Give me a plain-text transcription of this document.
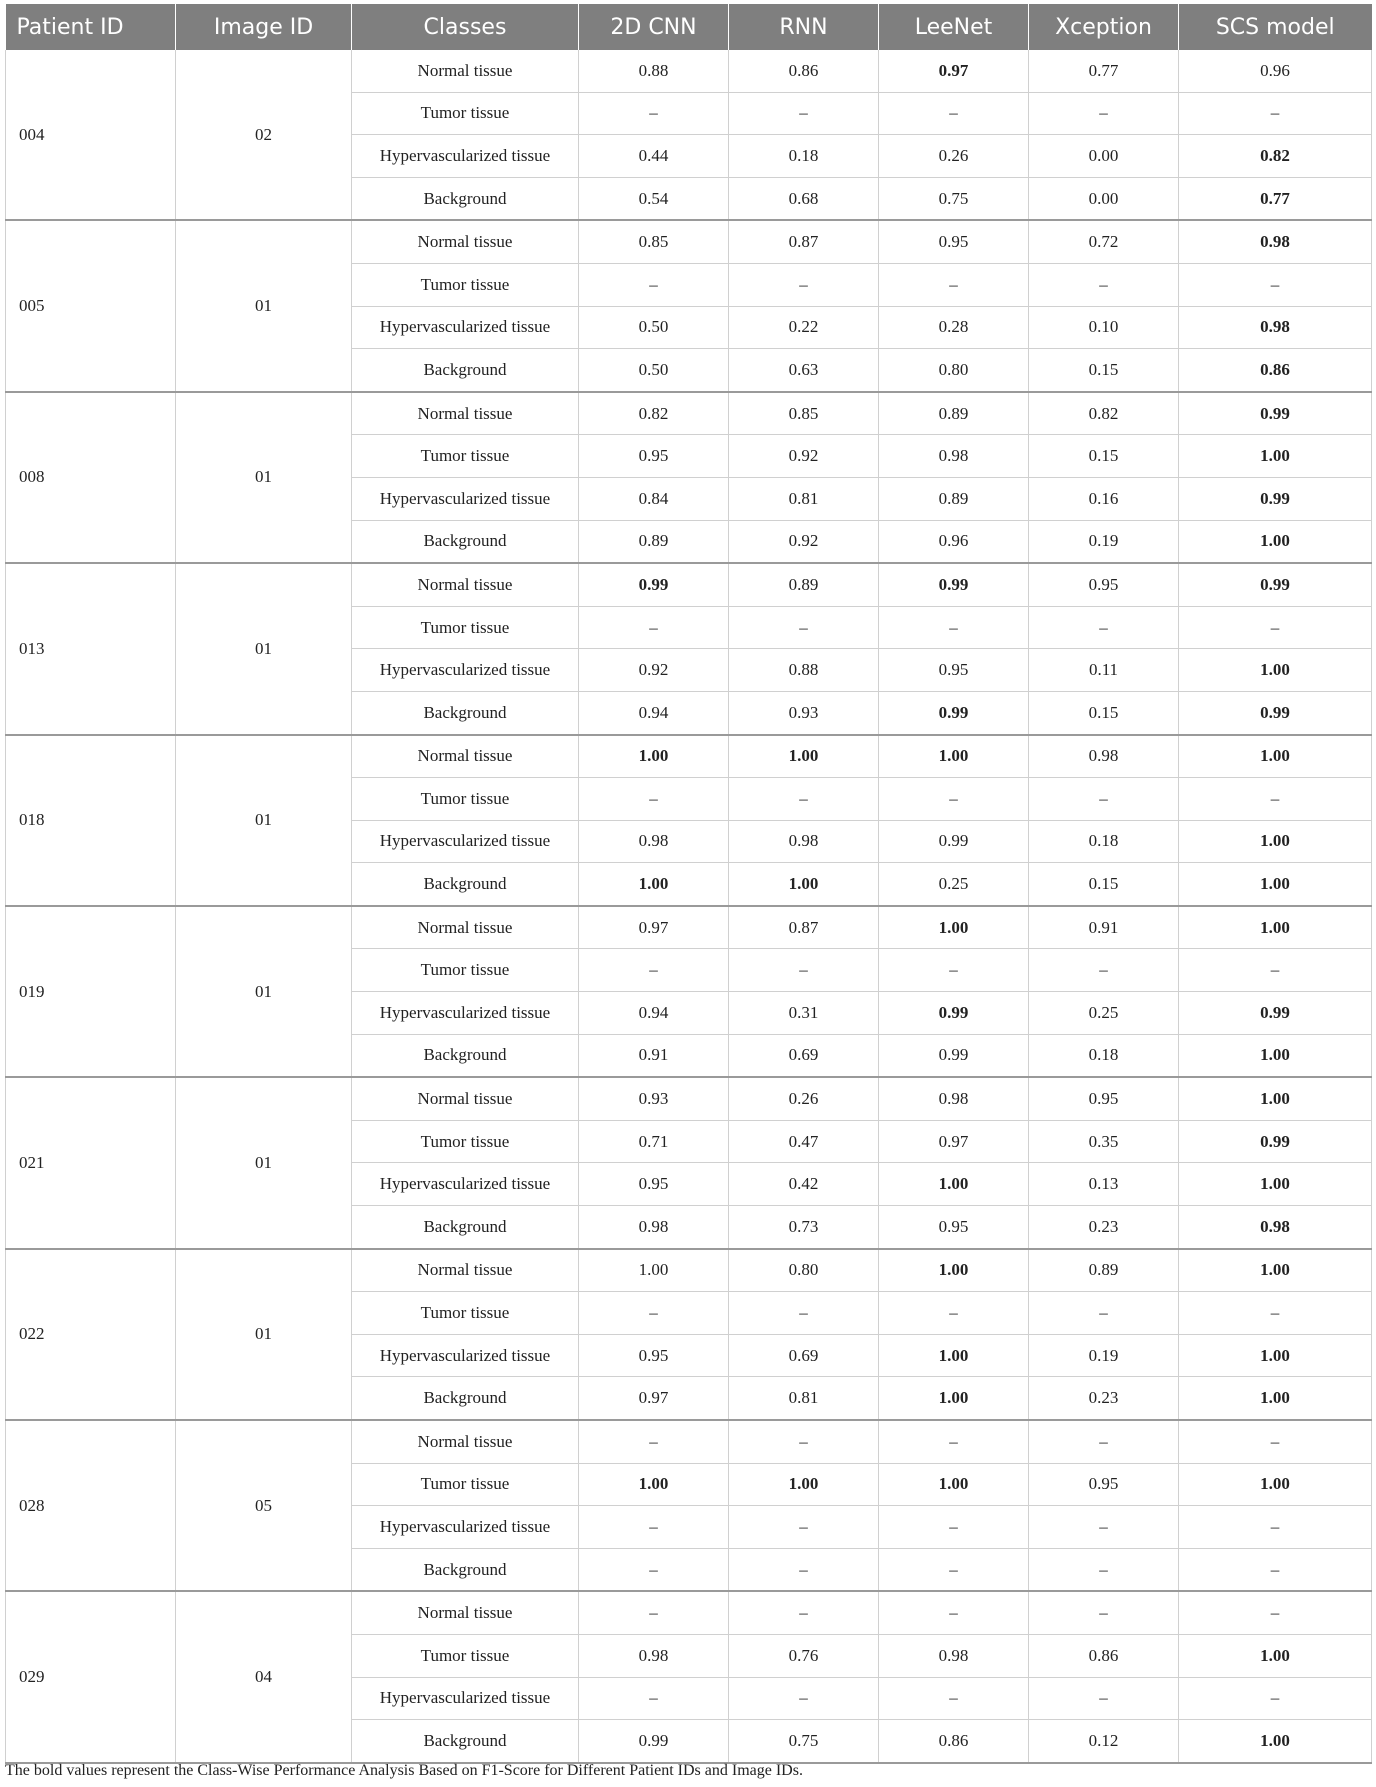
Patient ID	Image ID	Classes	2D CNN	RNN	LeeNet	Xception	SCS model
004	02	Normal tissue	0.88	0.86	0.97	0.77	0.96
		Tumor tissue	–	–	–	–	–
		Hypervascularized tissue	0.44	0.18	0.26	0.00	0.82
		Background	0.54	0.68	0.75	0.00	0.77
005	01	Normal tissue	0.85	0.87	0.95	0.72	0.98
		Tumor tissue	–	–	–	–	–
		Hypervascularized tissue	0.50	0.22	0.28	0.10	0.98
		Background	0.50	0.63	0.80	0.15	0.86
008	01	Normal tissue	0.82	0.85	0.89	0.82	0.99
		Tumor tissue	0.95	0.92	0.98	0.15	1.00
		Hypervascularized tissue	0.84	0.81	0.89	0.16	0.99
		Background	0.89	0.92	0.96	0.19	1.00
013	01	Normal tissue	0.99	0.89	0.99	0.95	0.99
		Tumor tissue	–	–	–	–	–
		Hypervascularized tissue	0.92	0.88	0.95	0.11	1.00
		Background	0.94	0.93	0.99	0.15	0.99
018	01	Normal tissue	1.00	1.00	1.00	0.98	1.00
		Tumor tissue	–	–	–	–	–
		Hypervascularized tissue	0.98	0.98	0.99	0.18	1.00
		Background	1.00	1.00	0.25	0.15	1.00
019	01	Normal tissue	0.97	0.87	1.00	0.91	1.00
		Tumor tissue	–	–	–	–	–
		Hypervascularized tissue	0.94	0.31	0.99	0.25	0.99
		Background	0.91	0.69	0.99	0.18	1.00
021	01	Normal tissue	0.93	0.26	0.98	0.95	1.00
		Tumor tissue	0.71	0.47	0.97	0.35	0.99
		Hypervascularized tissue	0.95	0.42	1.00	0.13	1.00
		Background	0.98	0.73	0.95	0.23	0.98
022	01	Normal tissue	1.00	0.80	1.00	0.89	1.00
		Tumor tissue	–	–	–	–	–
		Hypervascularized tissue	0.95	0.69	1.00	0.19	1.00
		Background	0.97	0.81	1.00	0.23	1.00
028	05	Normal tissue	–	–	–	–	–
		Tumor tissue	1.00	1.00	1.00	0.95	1.00
		Hypervascularized tissue	–	–	–	–	–
		Background	–	–	–	–	–
029	04	Normal tissue	–	–	–	–	–
		Tumor tissue	0.98	0.76	0.98	0.86	1.00
		Hypervascularized tissue	–	–	–	–	–
		Background	0.99	0.75	0.86	0.12	1.00
The bold values represent the Class-Wise Performance Analysis Based on F1-Score for Different Patient IDs and Image IDs.
